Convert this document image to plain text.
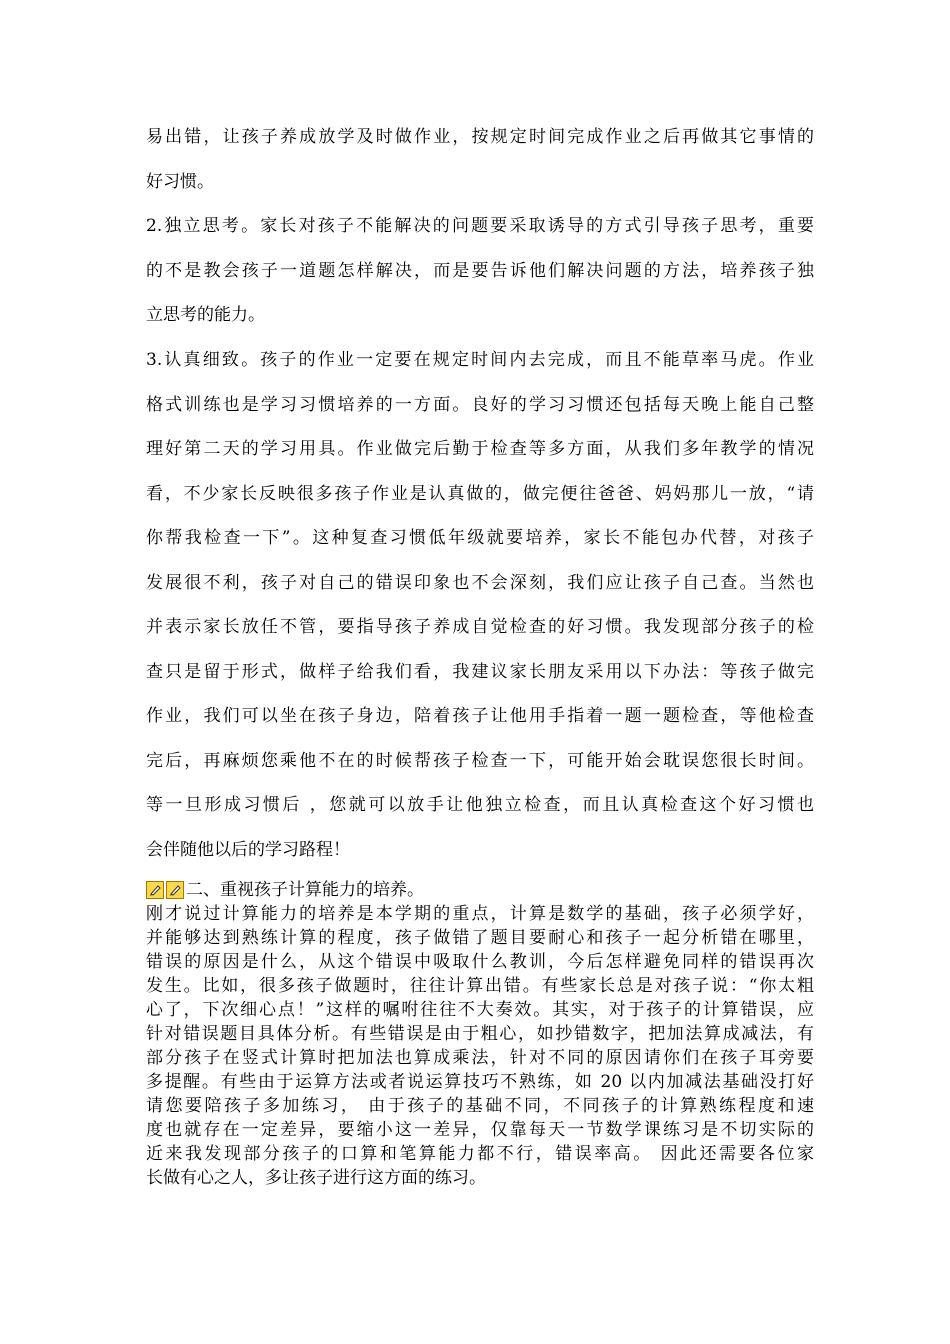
易出错，让孩子养成放学及时做作业，按规定时间完成作业之后再做其它事情的
好习惯。

2.独立思考。家长对孩子不能解决的问题要采取诱导的方式引导孩子思考，重要
的不是教会孩子一道题怎样解决，而是要告诉他们解决问题的方法，培养孩子独
立思考的能力。

3.认真细致。孩子的作业一定要在规定时间内去完成，而且不能草率马虎。作业
格式训练也是学习习惯培养的一方面。良好的学习习惯还包括每天晚上能自己整
理好第二天的学习用具。作业做完后勤于检查等多方面，从我们多年教学的情况
看，不少家长反映很多孩子作业是认真做的，做完便往爸爸、妈妈那儿一放，“请
你帮我检查一下”。这种复查习惯低年级就要培养，家长不能包办代替，对孩子
发展很不利，孩子对自己的错误印象也不会深刻，我们应让孩子自己查。当然也
并表示家长放任不管，要指导孩子养成自觉检查的好习惯。我发现部分孩子的检
查只是留于形式，做样子给我们看，我建议家长朋友采用以下办法：等孩子做完
作业，我们可以坐在孩子身边，陪着孩子让他用手指着一题一题检查，等他检查
完后，再麻烦您乘他不在的时候帮孩子检查一下，可能开始会耽误您很长时间。
等一旦形成习惯后 ，您就可以放手让他独立检查，而且认真检查这个好习惯也
会伴随他以后的学习路程！

二、重视孩子计算能力的培养。

刚才说过计算能力的培养是本学期的重点，计算是数学的基础，孩子必须学好，
并能够达到熟练计算的程度，孩子做错了题目要耐心和孩子一起分析错在哪里，
错误的原因是什么，从这个错误中吸取什么教训，今后怎样避免同样的错误再次
发生。比如，很多孩子做题时，往往计算出错。有些家长总是对孩子说：“你太粗
心了，下次细心点！”这样的嘱咐往往不大奏效。其实，对于孩子的计算错误，应
针对错误题目具体分析。有些错误是由于粗心，如抄错数字，把加法算成减法，有
部分孩子在竖式计算时把加法也算成乘法，针对不同的原因请你们在孩子耳旁要
多提醒。有些由于运算方法或者说运算技巧不熟练，如 20 以内加减法基础没打好
请您要陪孩子多加练习， 由于孩子的基础不同，不同孩子的计算熟练程度和速
度也就存在一定差异，要缩小这一差异，仅靠每天一节数学课练习是不切实际的
近来我发现部分孩子的口算和笔算能力都不行，错误率高。 因此还需要各位家
长做有心之人，多让孩子进行这方面的练习。
